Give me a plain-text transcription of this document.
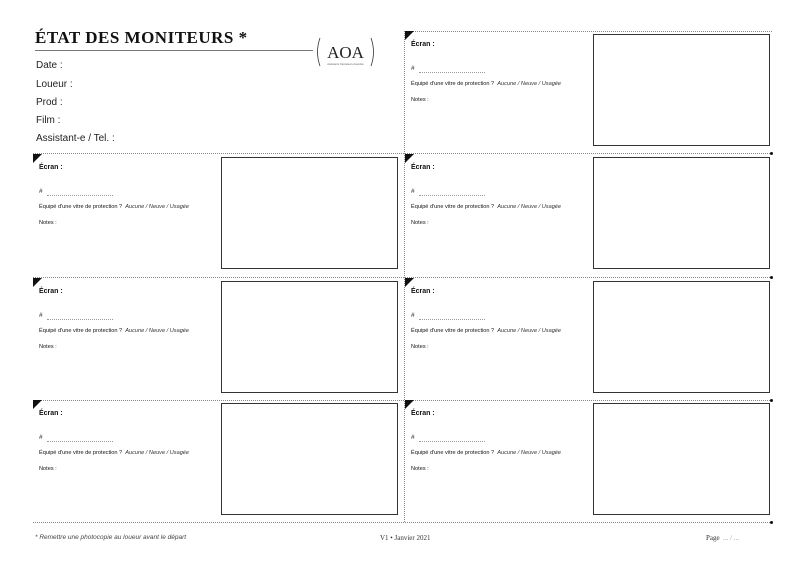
ÉTAT DES MONITEURS *
AOA
Assistants Opérateurs Associés
Date :
Loueur :
Prod :
Film :
Assistant-e / Tel. :
Écran :
#
Équipé d'une vitre de protection ? Aucune / Neuve / Usagée
Notes :
Écran :
#
Équipé d'une vitre de protection ? Aucune / Neuve / Usagée
Notes :
Écran :
#
Équipé d'une vitre de protection ? Aucune / Neuve / Usagée
Notes :
Écran :
#
Équipé d'une vitre de protection ? Aucune / Neuve / Usagée
Notes :
Écran :
#
Équipé d'une vitre de protection ? Aucune / Neuve / Usagée
Notes :
Écran :
#
Équipé d'une vitre de protection ? Aucune / Neuve / Usagée
Notes :
Écran :
#
Équipé d'une vitre de protection ? Aucune / Neuve / Usagée
Notes :
* Remettre une photocopie au loueur avant le départ	V1 • Janvier 2021	Page ... / ...
